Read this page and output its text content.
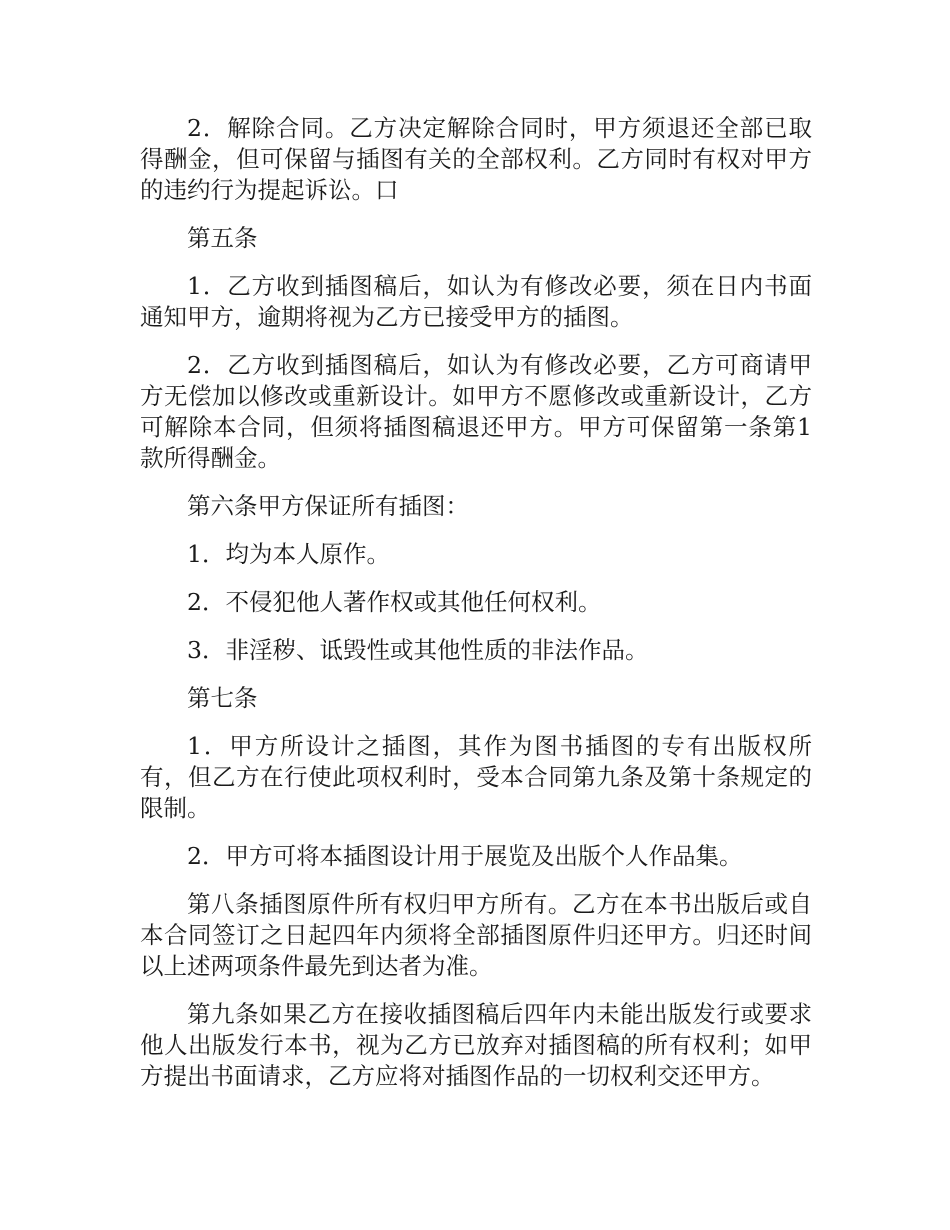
2．解除合同。乙方决定解除合同时，甲方须退还全部已取得酬金，但可保留与插图有关的全部权利。乙方同时有权对甲方的违约行为提起诉讼。口

第五条

1．乙方收到插图稿后，如认为有修改必要，须在日内书面通知甲方，逾期将视为乙方已接受甲方的插图。

2．乙方收到插图稿后，如认为有修改必要，乙方可商请甲方无偿加以修改或重新设计。如甲方不愿修改或重新设计，乙方可解除本合同，但须将插图稿退还甲方。甲方可保留第一条第1款所得酬金。

第六条甲方保证所有插图：

1．均为本人原作。

2．不侵犯他人著作权或其他任何权利。

3．非淫秽、诋毁性或其他性质的非法作品。

第七条

1．甲方所设计之插图，其作为图书插图的专有出版权所有，但乙方在行使此项权利时，受本合同第九条及第十条规定的限制。

2．甲方可将本插图设计用于展览及出版个人作品集。

第八条插图原件所有权归甲方所有。乙方在本书出版后或自本合同签订之日起四年内须将全部插图原件归还甲方。归还时间以上述两项条件最先到达者为准。

第九条如果乙方在接收插图稿后四年内未能出版发行或要求他人出版发行本书，视为乙方已放弃对插图稿的所有权利；如甲方提出书面请求，乙方应将对插图作品的一切权利交还甲方。
